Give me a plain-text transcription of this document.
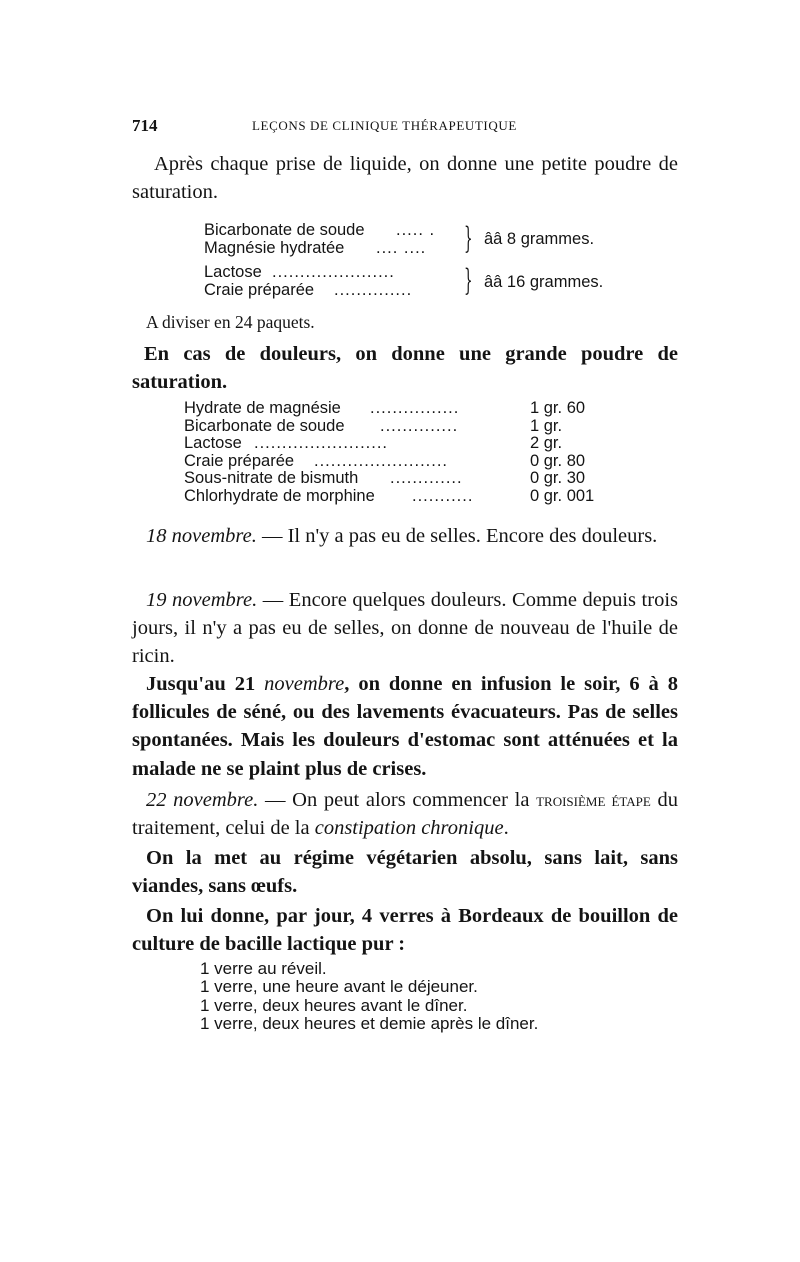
714	LEÇONS DE CLINIQUE THÉRAPEUTIQUE
Après chaque prise de liquide, on donne une petite poudre de saturation.
Bicarbonate de soude ..... .
Magnésie hydratée .... .... } ââ 8 grammes.
Lactose ......................
Craie préparée .............. } ââ 16 grammes.
A diviser en 24 paquets.
En cas de douleurs, on donne une grande poudre de saturation.
Hydrate de magnésie ................	1 gr. 60
Bicarbonate de soude ..............	1 gr.
Lactose ........................	2 gr.
Craie préparée ........................	0 gr. 80
Sous-nitrate de bismuth .............	0 gr. 30
Chlorhydrate de morphine ...........	0 gr. 001
18 novembre. — Il n'y a pas eu de selles. Encore des douleurs.
19 novembre. — Encore quelques douleurs. Comme depuis trois jours, il n'y a pas eu de selles, on donne de nouveau de l'huile de ricin.
Jusqu'au 21 novembre, on donne en infusion le soir, 6 à 8 follicules de séné, ou des lavements évacuateurs. Pas de selles spontanées. Mais les douleurs d'estomac sont atténuées et la malade ne se plaint plus de crises.
22 novembre. — On peut alors commencer la troisième étape du traitement, celui de la constipation chronique.
On la met au régime végétarien absolu, sans lait, sans viandes, sans œufs.
On lui donne, par jour, 4 verres à Bordeaux de bouillon de culture de bacille lactique pur :
1 verre au réveil.
1 verre, une heure avant le déjeuner.
1 verre, deux heures avant le dîner.
1 verre, deux heures et demie après le dîner.
